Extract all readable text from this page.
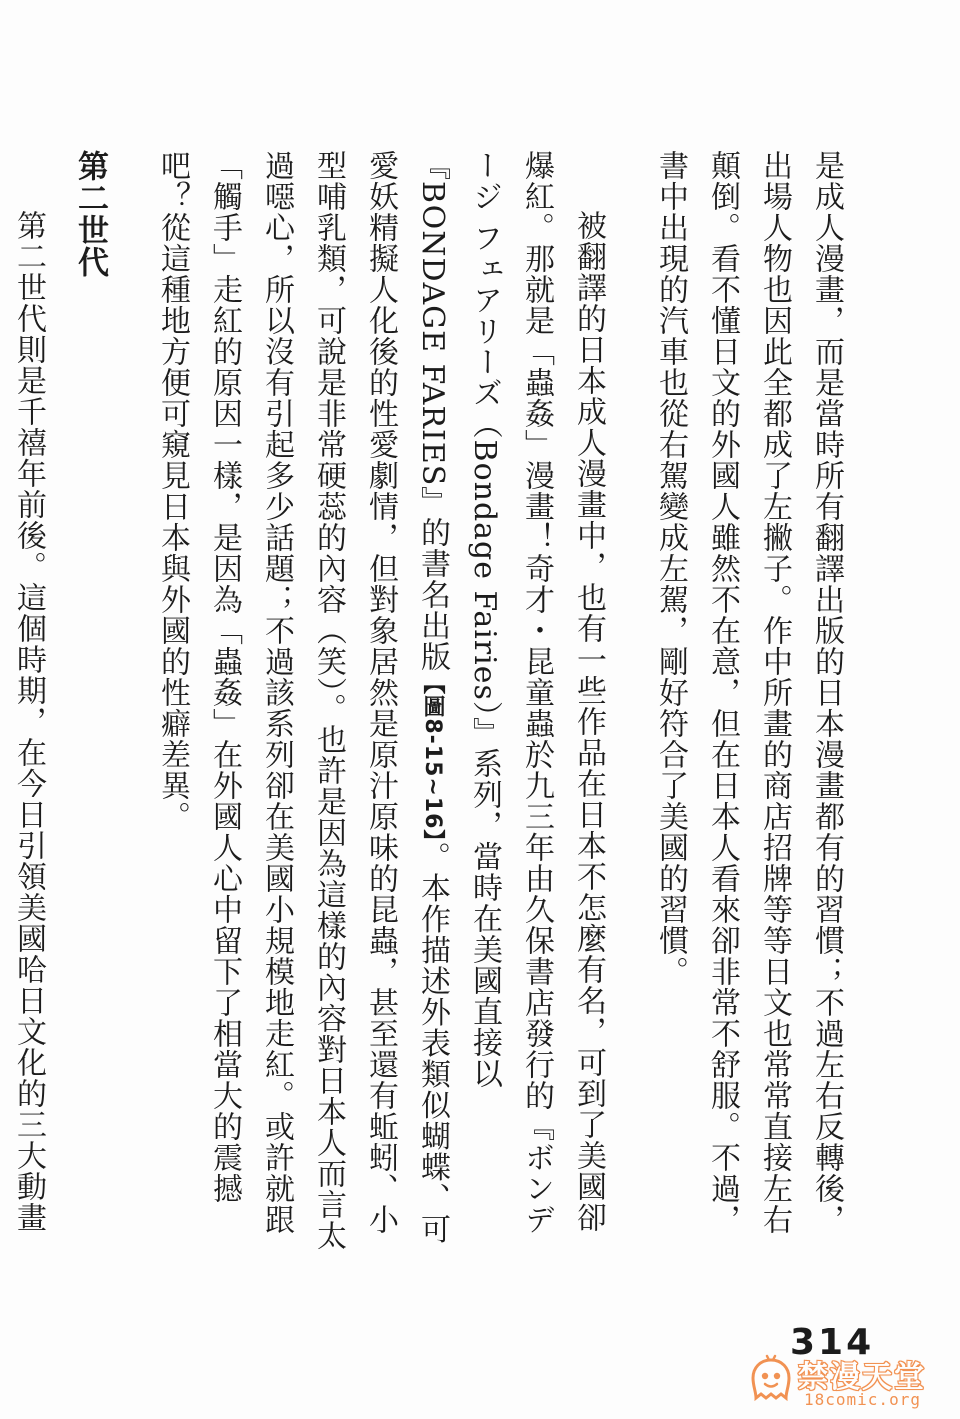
是成人漫畫，而是當時所有翻譯出版的日本漫畫都有的習慣；不過左右反轉後，出場人物也因此全都成了左撇子。作中所畫的商店招牌等等日文也常常直接左右顛倒。看不懂日文的外國人雖然不在意，但在日本人看來卻非常不舒服。不過，書中出現的汽車也從右駕變成左駕，剛好符合了美國的習慣。

被翻譯的日本成人漫畫中，也有一些作品在日本不怎麼有名，可到了美國卻爆紅。那就是「蟲姦」漫畫！奇才・昆童蟲於九三年由久保書店發行的『ボンデージ フェアリーズ（Bondage Fairies）』系列，當時在美國直接以『BONDAGE FARIES』的書名出版【圖8-15~16】。本作描述外表類似蝴蝶、可愛妖精擬人化後的性愛劇情，但對象居然是原汁原味的昆蟲，甚至還有蚯蚓、小型哺乳類，可說是非常硬蕊的內容（笑）。也許是因為這樣的內容對日本人而言太過噁心，所以沒有引起多少話題；不過該系列卻在美國小規模地走紅。或許就跟「觸手」走紅的原因一樣，是因為「蟲姦」在外國人心中留下了相當大的震撼吧？從這種地方便可窺見日本與外國的性癖差異。

第二世代

第二世代則是千禧年前後。這個時期，在今日引領美國哈日文化的三大動畫

314
禁漫天堂
18comic.org
